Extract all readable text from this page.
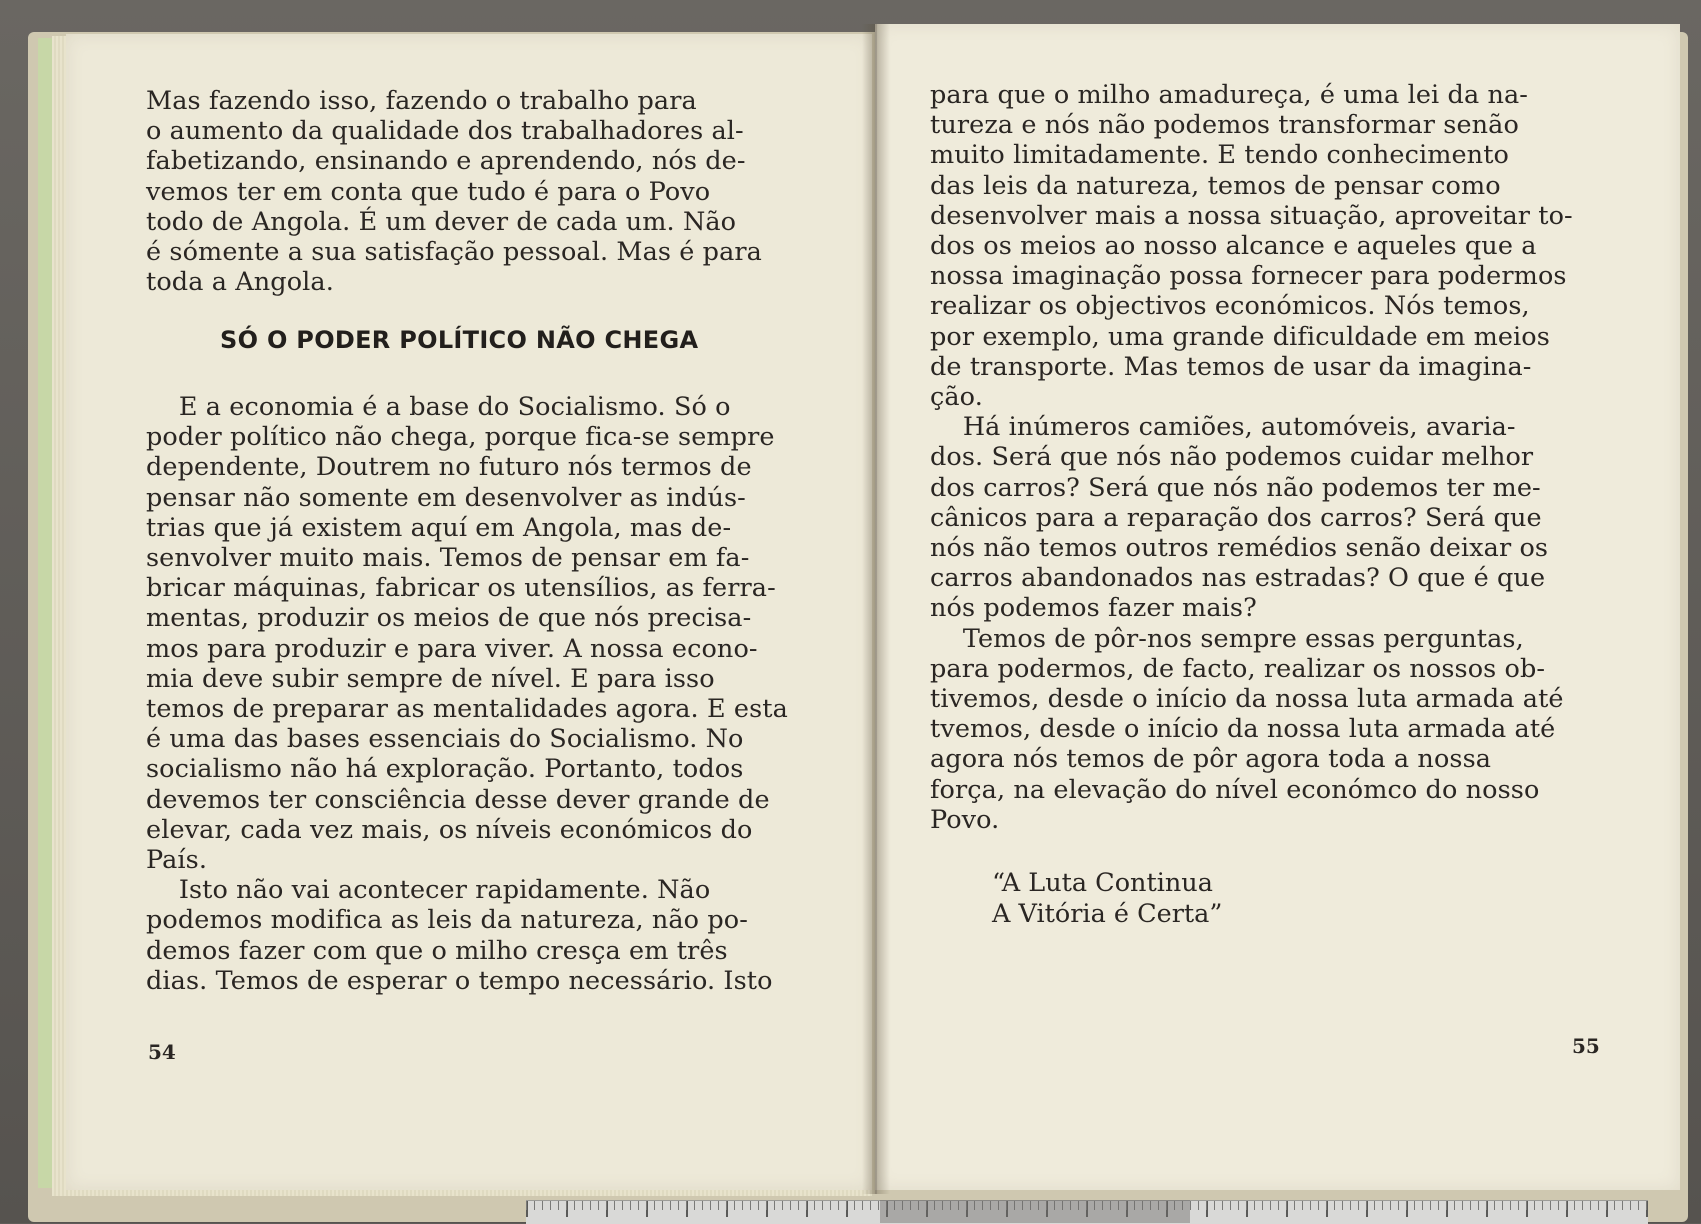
Mas fazendo isso, fazendo o trabalho para
o aumento da qualidade dos trabalhadores al-
fabetizando, ensinando e aprendendo, nós de-
vemos ter em conta que tudo é para o Povo
todo de Angola. É um dever de cada um. Não
é sómente a sua satisfação pessoal. Mas é para
toda a Angola.

SÓ O PODER POLÍTICO NÃO CHEGA

E a economia é a base do Socialismo. Só o
poder político não chega, porque fica-se sempre
dependente, Doutrem no futuro nós termos de
pensar não somente em desenvolver as indús-
trias que já existem aquí em Angola, mas de-
senvolver muito mais. Temos de pensar em fa-
bricar máquinas, fabricar os utensílios, as ferra-
mentas, produzir os meios de que nós precisa-
mos para produzir e para viver. A nossa econo-
mia deve subir sempre de nível. E para isso
temos de preparar as mentalidades agora. E esta
é uma das bases essenciais do Socialismo. No
socialismo não há exploração. Portanto, todos
devemos ter consciência desse dever grande de
elevar, cada vez mais, os níveis económicos do
País.
Isto não vai acontecer rapidamente. Não
podemos modifica as leis da natureza, não po-
demos fazer com que o milho cresça em três
dias. Temos de esperar o tempo necessário. Isto

54

para que o milho amadureça, é uma lei da na-
tureza e nós não podemos transformar senão
muito limitadamente. E tendo conhecimento
das leis da natureza, temos de pensar como
desenvolver mais a nossa situação, aproveitar to-
dos os meios ao nosso alcance e aqueles que a
nossa imaginação possa fornecer para podermos
realizar os objectivos económicos. Nós temos,
por exemplo, uma grande dificuldade em meios
de transporte. Mas temos de usar da imagina-
ção.
Há inúmeros camiões, automóveis, avaria-
dos. Será que nós não podemos cuidar melhor
dos carros? Será que nós não podemos ter me-
cânicos para a reparação dos carros? Será que
nós não temos outros remédios senão deixar os
carros abandonados nas estradas? O que é que
nós podemos fazer mais?
Temos de pôr-nos sempre essas perguntas,
para podermos, de facto, realizar os nossos ob-
tivemos, desde o início da nossa luta armada até
tvemos, desde o início da nossa luta armada até
agora nós temos de pôr agora toda a nossa
força, na elevação do nível económco do nosso
Povo.

“A Luta Continua
A Vitória é Certa”

55
